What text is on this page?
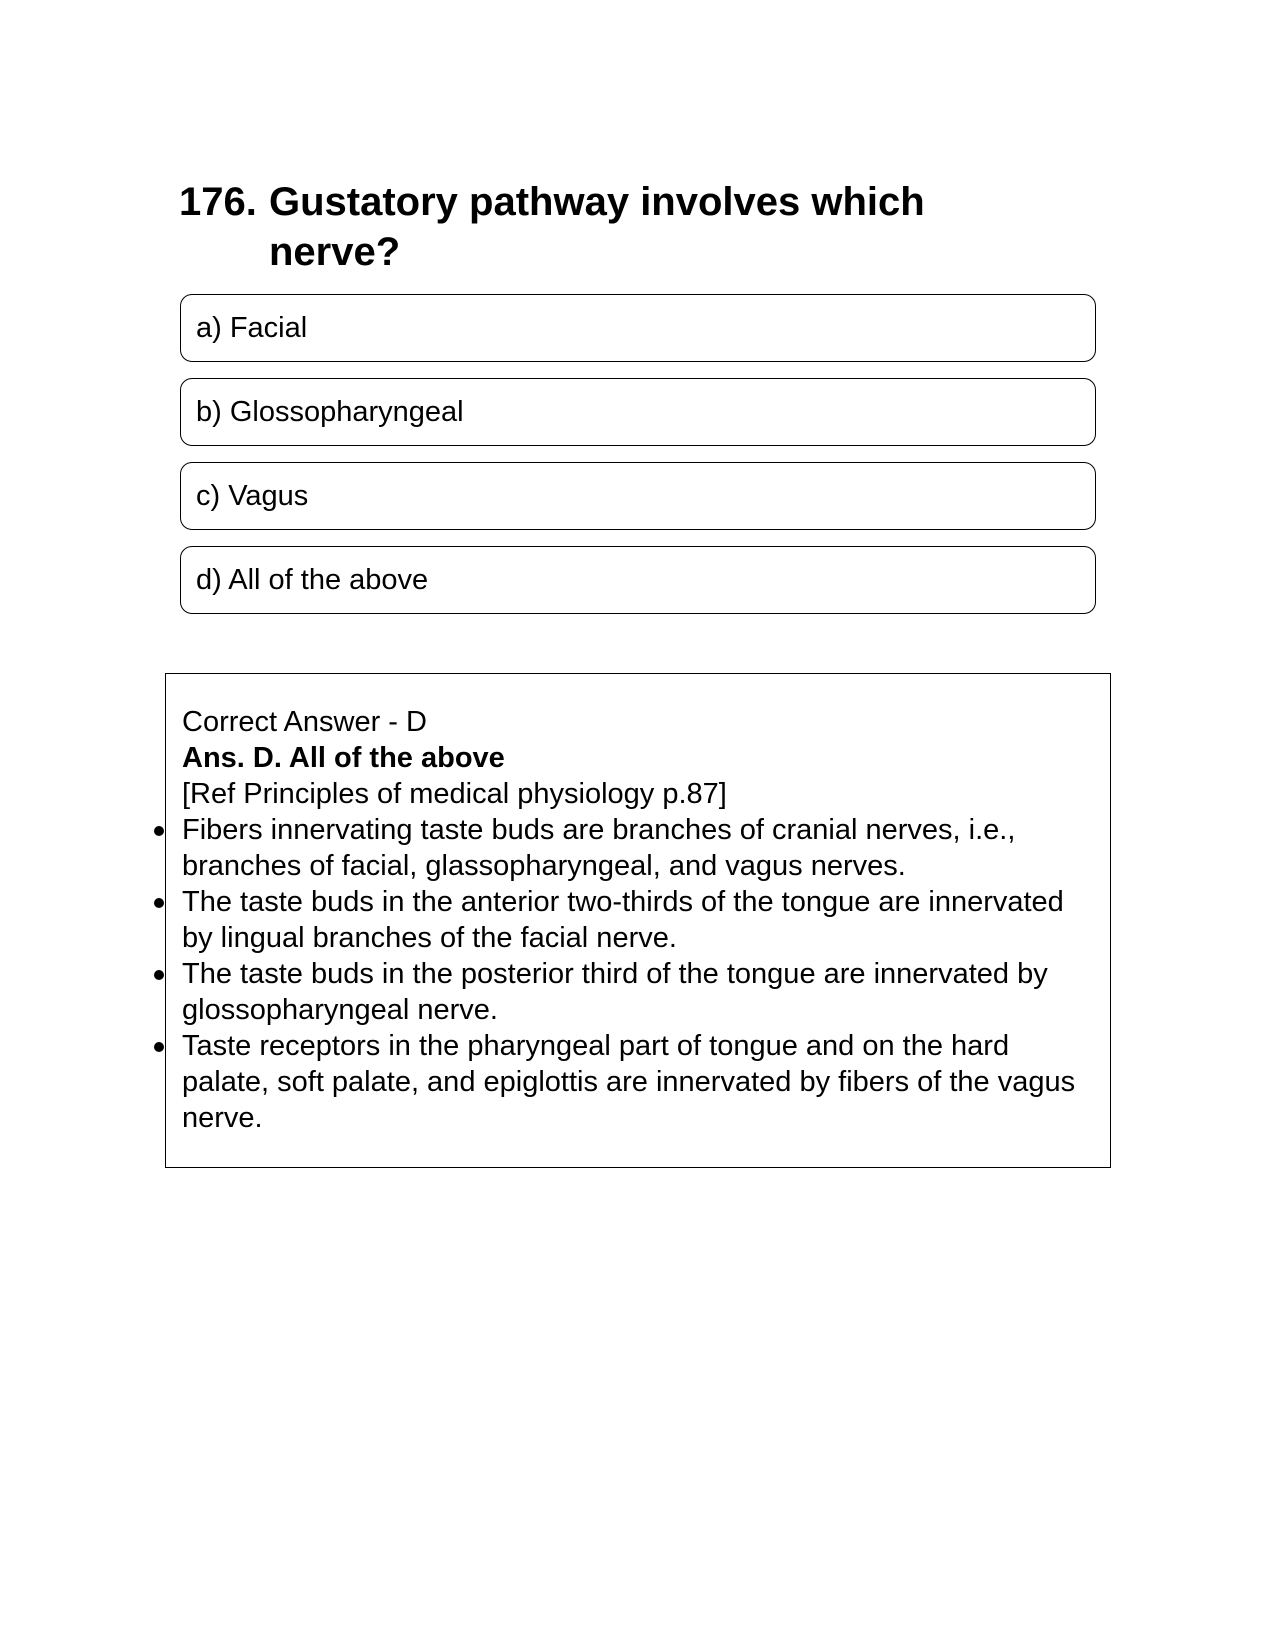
176. Gustatory pathway involves which nerve?
a) Facial
b) Glossopharyngeal
c) Vagus
d) All of the above

Correct Answer - D

Ans. D. All of the above

[Ref Principles of medical physiology p.87]

Fibers innervating taste buds are branches of cranial nerves, i.e., branches of facial, glassopharyngeal, and vagus nerves.
The taste buds in the anterior two-thirds of the tongue are innervated by lingual branches of the facial nerve.
The taste buds in the posterior third of the tongue are innervated by glossopharyngeal nerve.
Taste receptors in the pharyngeal part of tongue and on the hard palate, soft palate, and epiglottis are innervated by fibers of the vagus nerve.
